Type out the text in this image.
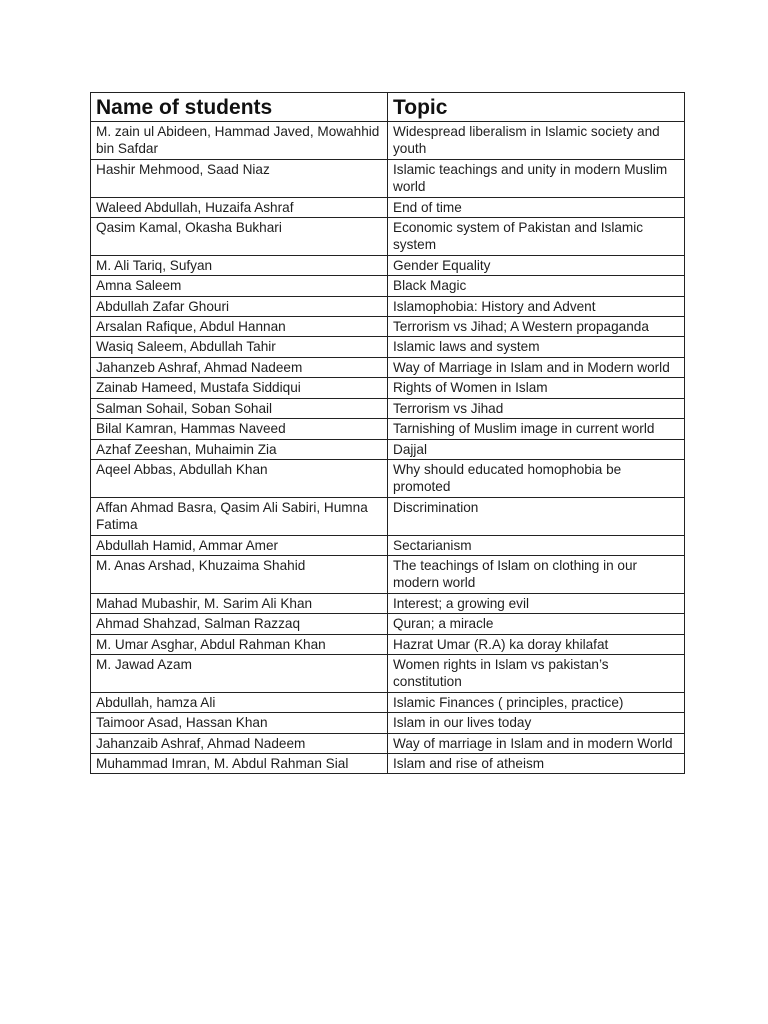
Name of students	Topic
M. zain ul Abideen, Hammad Javed, Mowahhid bin Safdar	Widespread liberalism in Islamic society and youth
Hashir Mehmood, Saad Niaz	Islamic teachings and unity in modern Muslim world
Waleed Abdullah, Huzaifa Ashraf	End of time
Qasim Kamal, Okasha Bukhari	Economic system of Pakistan and Islamic system
M. Ali Tariq, Sufyan	Gender Equality
Amna Saleem	Black Magic
Abdullah Zafar Ghouri	Islamophobia: History and Advent
Arsalan Rafique, Abdul Hannan	Terrorism vs Jihad; A Western propaganda
Wasiq Saleem, Abdullah Tahir	Islamic laws and system
Jahanzeb Ashraf, Ahmad Nadeem	Way of Marriage in Islam and in Modern world
Zainab Hameed, Mustafa Siddiqui	Rights of Women in Islam
Salman Sohail, Soban Sohail	Terrorism vs Jihad
Bilal Kamran, Hammas Naveed	Tarnishing of Muslim image in current world
Azhaf Zeeshan, Muhaimin Zia	Dajjal
Aqeel Abbas, Abdullah Khan	Why should educated homophobia be promoted
Affan Ahmad Basra, Qasim Ali Sabiri, Humna Fatima	Discrimination
Abdullah Hamid, Ammar Amer	Sectarianism
M. Anas Arshad, Khuzaima Shahid	The teachings of Islam on clothing in our modern world
Mahad Mubashir, M. Sarim Ali Khan	Interest; a growing evil
Ahmad Shahzad, Salman Razzaq	Quran; a miracle
M. Umar Asghar, Abdul Rahman Khan	Hazrat Umar (R.A) ka doray khilafat
M. Jawad Azam	Women rights in Islam vs pakistan’s constitution
Abdullah, hamza Ali	Islamic Finances ( principles, practice)
Taimoor Asad, Hassan Khan	Islam in our lives today
Jahanzaib Ashraf, Ahmad Nadeem	Way of marriage in Islam and in modern World
Muhammad Imran, M. Abdul Rahman Sial	Islam and rise of atheism
